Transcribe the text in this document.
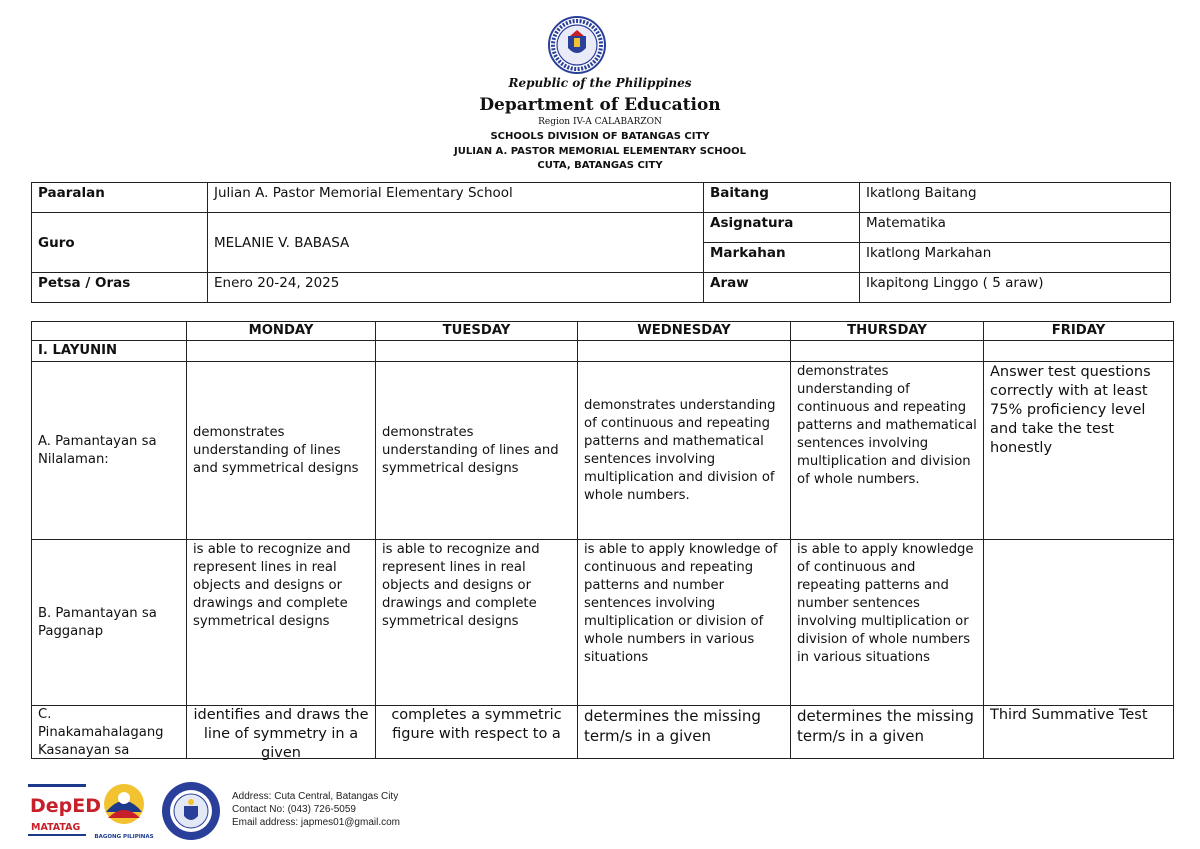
Republic of the Philippines
Department of Education
Region IV-A CALABARZON
SCHOOLS DIVISION OF BATANGAS CITY
JULIAN A. PASTOR MEMORIAL ELEMENTARY SCHOOL
CUTA, BATANGAS CITY
Paaralan	Julian A. Pastor Memorial Elementary School	Baitang	Ikatlong Baitang
Guro	MELANIE V. BABASA	Asignatura	Matematika
		Markahan	Ikatlong Markahan
Petsa / Oras	Enero 20-24, 2025	Araw	Ikapitong Linggo ( 5 araw)
	MONDAY	TUESDAY	WEDNESDAY	THURSDAY	FRIDAY
I. LAYUNIN					
A. Pamantayan sa Nilalaman:	demonstrates understanding of lines and symmetrical designs	demonstrates understanding of lines and symmetrical designs	demonstrates understanding of continuous and repeating patterns and mathematical sentences involving multiplication and division of whole numbers.	demonstrates understanding of continuous and repeating patterns and mathematical sentences involving multiplication and division of whole numbers.	Answer test questions correctly with at least 75% proficiency level and take the test honestly
B. Pamantayan sa Pagganap	is able to recognize and represent lines in real objects and designs or drawings and complete symmetrical designs	is able to recognize and represent lines in real objects and designs or drawings and complete symmetrical designs	is able to apply knowledge of continuous and repeating patterns and number sentences involving multiplication or division of whole numbers in various situations	is able to apply knowledge of continuous and repeating patterns and number sentences involving multiplication or division of whole numbers in various situations	

C. Pinakamahalagang Kasanayan sa	identifies and draws the line of symmetry in a given	completes a symmetric figure with respect to a	determines the missing term/s in a given	determines the missing term/s in a given	Third Summative Test
DepED
MATATAG
BAGONG PILIPINAS
Address: Cuta Central, Batangas City
Contact No: (043) 726-5059
Email address: japmes01@gmail.com
